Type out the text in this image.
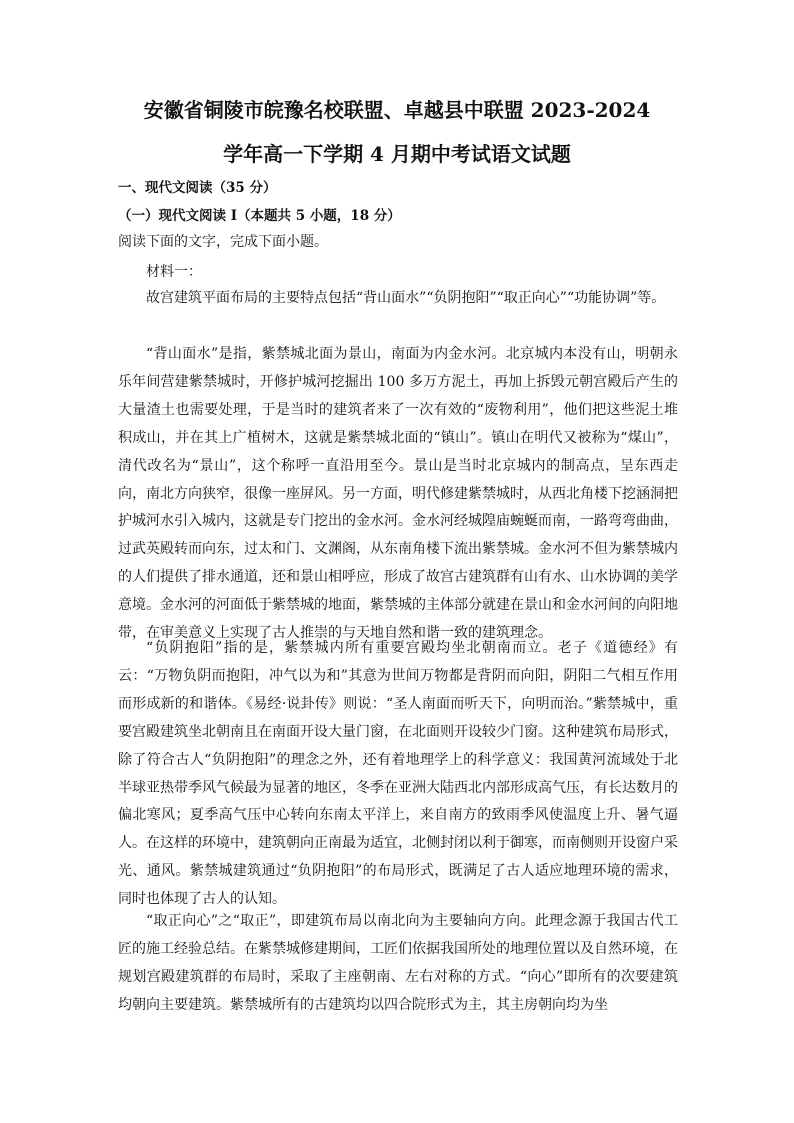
安徽省铜陵市皖豫名校联盟、卓越县中联盟 2023-2024
学年高一下学期 4 月期中考试语文试题
一、现代文阅读（35 分）
（一）现代文阅读 I（本题共 5 小题，18 分）
阅读下面的文字，完成下面小题。
材料一：

故宫建筑平面布局的主要特点包括“背山面水”“负阴抱阳”“取正向心”“功能协调”等。

“背山面水”是指，紫禁城北面为景山，南面为内金水河。北京城内本没有山，明朝永乐年间营建紫禁城时，开修护城河挖掘出 100 多万方泥土，再加上拆毁元朝宫殿后产生的大量渣土也需要处理，于是当时的建筑者来了一次有效的“废物利用”，他们把这些泥土堆积成山，并在其上广植树木，这就是紫禁城北面的“镇山”。镇山在明代又被称为“煤山”，清代改名为“景山”，这个称呼一直沿用至今。景山是当时北京城内的制高点，呈东西走向，南北方向狭窄，很像一座屏风。另一方面，明代修建紫禁城时，从西北角楼下挖涵洞把护城河水引入城内，这就是专门挖出的金水河。金水河经城隍庙蜿蜒而南，一路弯弯曲曲，过武英殿转而向东，过太和门、文渊阁，从东南角楼下流出紫禁城。金水河不但为紫禁城内的人们提供了排水通道，还和景山相呼应，形成了故宫古建筑群有山有水、山水协调的美学意境。金水河的河面低于紫禁城的地面，紫禁城的主体部分就建在景山和金水河间的向阳地带，在审美意义上实现了古人推崇的与天地自然和谐一致的建筑理念。

“负阴抱阳”指的是，紫禁城内所有重要宫殿均坐北朝南而立。老子《道德经》有云：“万物负阴而抱阳，冲气以为和”其意为世间万物都是背阴而向阳，阴阳二气相互作用而形成新的和谐体。《易经·说卦传》则说：“圣人南面而听天下，向明而治。”紫禁城中，重要宫殿建筑坐北朝南且在南面开设大量门窗，在北面则开设较少门窗。这种建筑布局形式，除了符合古人“负阴抱阳”的理念之外，还有着地理学上的科学意义：我国黄河流域处于北半球亚热带季风气候最为显著的地区，冬季在亚洲大陆西北内部形成高气压，有长达数月的偏北寒风；夏季高气压中心转向东南太平洋上，来自南方的致雨季风使温度上升、暑气逼人。在这样的环境中，建筑朝向正南最为适宜，北侧封闭以利于御寒，而南侧则开设窗户采光、通风。紫禁城建筑通过“负阴抱阳”的布局形式，既满足了古人适应地理环境的需求，同时也体现了古人的认知。

“取正向心”之“取正”，即建筑布局以南北向为主要轴向方向。此理念源于我国古代工匠的施工经验总结。在紫禁城修建期间，工匠们依据我国所处的地理位置以及自然环境，在规划宫殿建筑群的布局时，采取了主座朝南、左右对称的方式。“向心”即所有的次要建筑均朝向主要建筑。紫禁城所有的古建筑均以四合院形式为主，其主房朝向均为坐
